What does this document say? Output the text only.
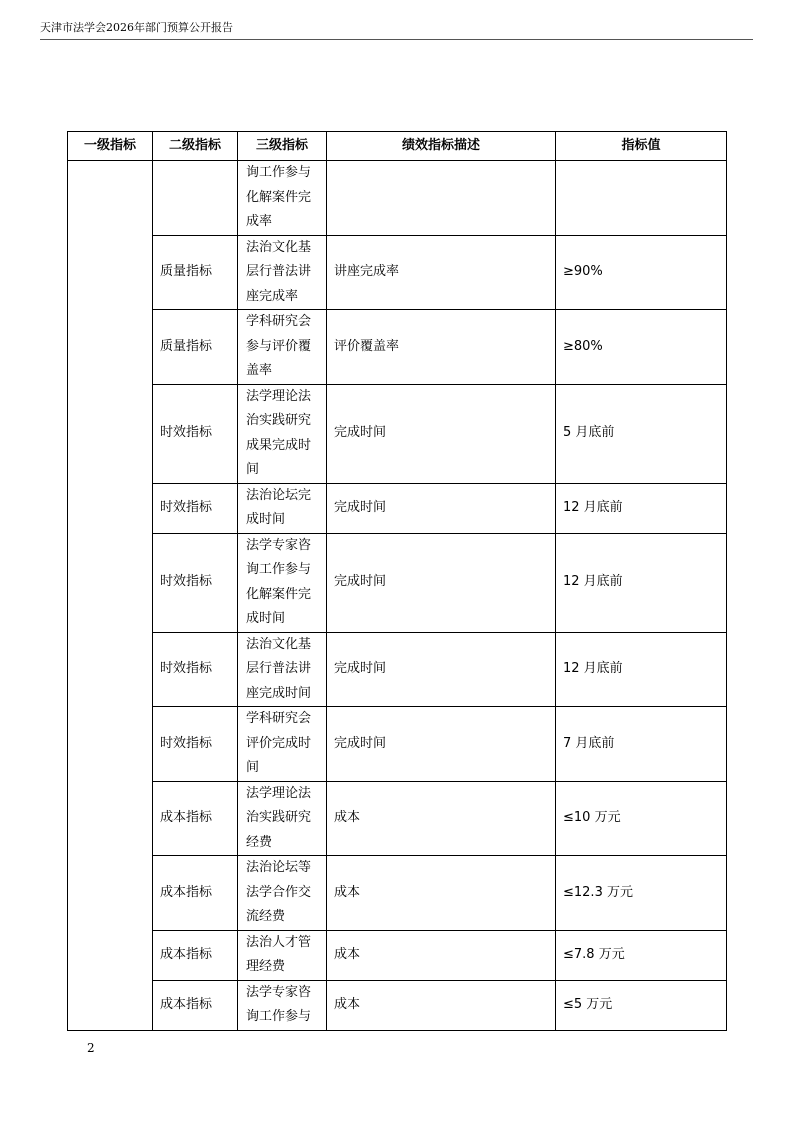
天津市法学会2026年部门预算公开报告
一级指标	二级指标	三级指标	绩效指标描述	指标值

		询工作参与化解案件完成率		

	质量指标	法治文化基层行普法讲座完成率	讲座完成率	≥90%
	质量指标	学科研究会参与评价覆盖率	评价覆盖率	≥80%
	时效指标	法学理论法治实践研究成果完成时间	完成时间	5 月底前
	时效指标	法治论坛完成时间	完成时间	12 月底前
	时效指标	法学专家咨询工作参与化解案件完成时间	完成时间	12 月底前
	时效指标	法治文化基层行普法讲座完成时间	完成时间	12 月底前
	时效指标	学科研究会评价完成时间	完成时间	7 月底前
	成本指标	法学理论法治实践研究经费	成本	≤10 万元
	成本指标	法治论坛等法学合作交流经费	成本	≤12.3 万元
	成本指标	法治人才管理经费	成本	≤7.8 万元
	成本指标	法学专家咨询工作参与	成本	≤5 万元
2
